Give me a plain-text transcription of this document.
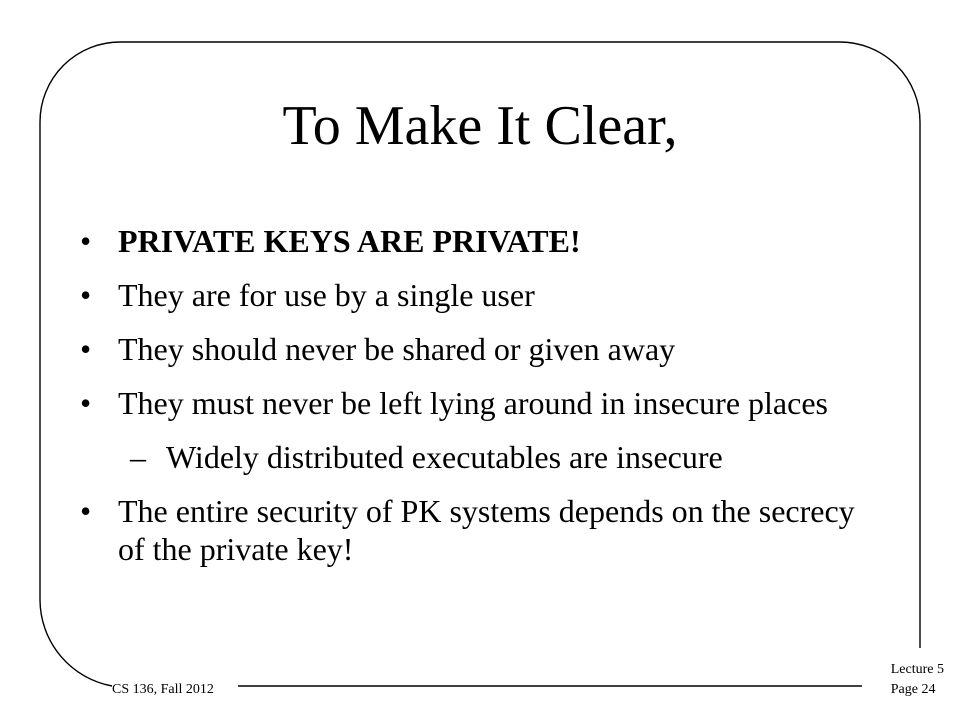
To Make It Clear,
• PRIVATE KEYS ARE PRIVATE!
• They are for use by a single user
• They should never be shared or given away
• They must never be left lying around in insecure places
– Widely distributed executables are insecure
• The entire security of PK systems depends on the secrecy of the private key!
CS 136, Fall 2012
Lecture 5
Page 24
